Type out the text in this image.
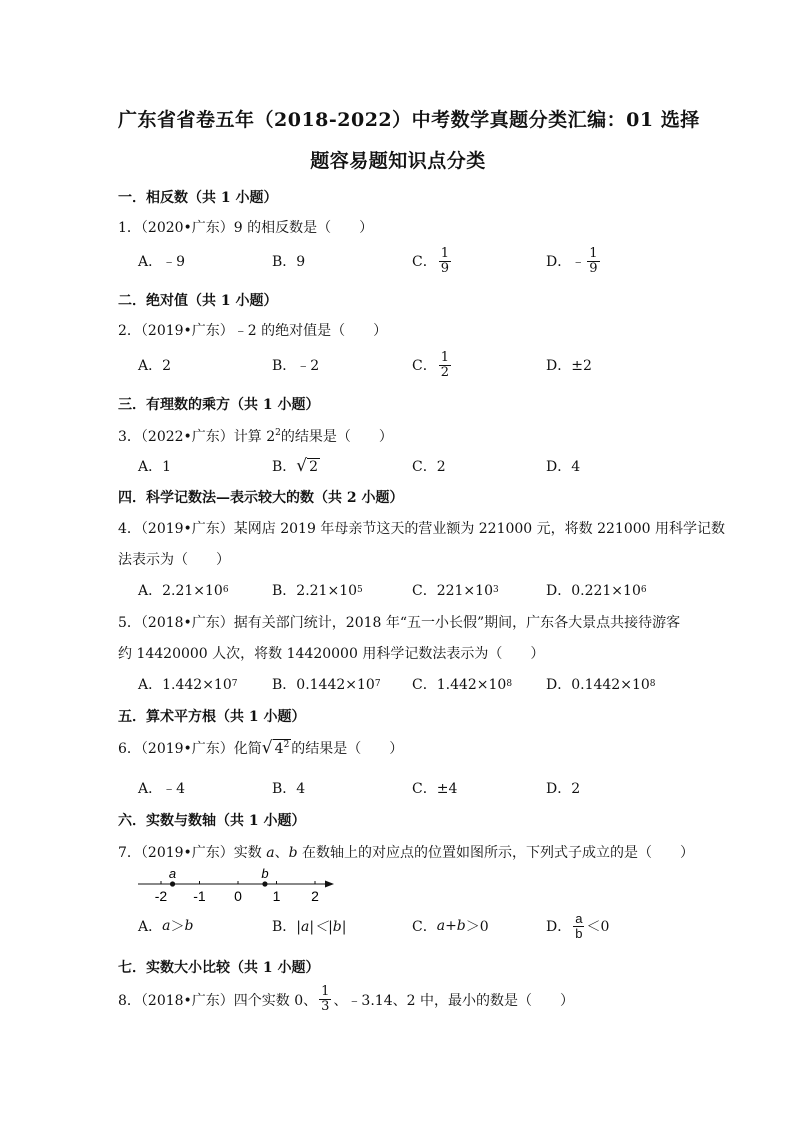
广东省省卷五年（2018-2022）中考数学真题分类汇编：01 选择
题容易题知识点分类
一．相反数（共 1 小题）
1．（2020•广东）9 的相反数是（　　）
A．﹣9	B．9	C． $\frac{1}{9}$	D．﹣ $\frac{1}{9}$
二．绝对值（共 1 小题）
2．（2019•广东）﹣2 的绝对值是（　　）
A．2	B．﹣2	C． $\frac{1}{2}$	D．±2
三．有理数的乘方（共 1 小题）
3．（2022•广东）计算 $2^2$的结果是（　　）
A．1	B． √ 2	C．2	D．4
四．科学记数法—表示较大的数（共 2 小题）
4．（2019•广东）某网店 2019 年母亲节这天的营业额为 221000 元，将数 221000 用科学记数
法表示为（　　）
A．2.21×10 6	B．2.21×10 5	C．221×10 3	D．0.221×10 6
5．（2018•广东）据有关部门统计，2018 年“五一小长假”期间，广东各大景点共接待游客
约 14420000 人次，将数 14420000 用科学记数法表示为（　　）
A．1.442×10 7 B．0.1442×10 7 C．1.442×10 8 D．0.1442×10 8
五．算术平方根（共 1 小题）
6．（2019•广东）化简 √ $4^2$ 的结果是（　　）
A．﹣4	B．4	C．±4	D．2
六．实数与数轴（共 1 小题）
7．（2019•广东）实数 a、b 在数轴上的对应点的位置如图所示，下列式子成立的是（　　）
-2 -1 0 1 2
a	b
A． a ＞ b	B． |a|＜|b|	C． a+b ＞0	D． $\frac{a}{b} <0$
七．实数大小比较（共 1 小题）
8．（2018•广东）四个实数 0、 $\frac{1}{3}$ 、﹣3.14、2 中，最小的数是（　　）
